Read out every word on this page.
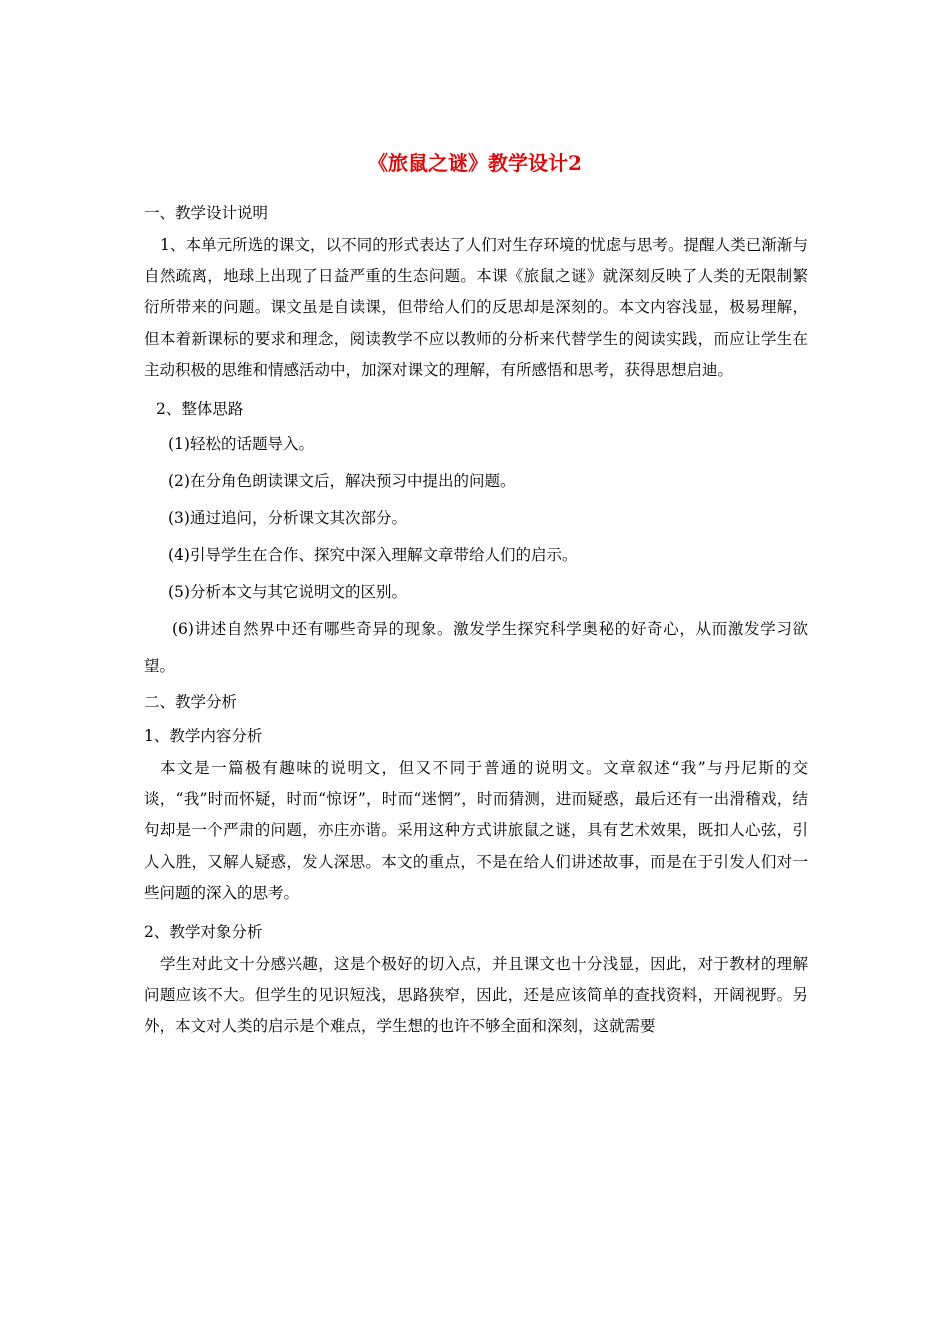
《旅鼠之谜》教学设计2

一、教学设计说明

1、本单元所选的课文，以不同的形式表达了人们对生存环境的忧虑与思考。提醒人类已渐渐与自然疏离，地球上出现了日益严重的生态问题。本课《旅鼠之谜》就深刻反映了人类的无限制繁衍所带来的问题。课文虽是自读课，但带给人们的反思却是深刻的。本文内容浅显，极易理解，但本着新课标的要求和理念，阅读教学不应以教师的分析来代替学生的阅读实践，而应让学生在主动积极的思维和情感活动中，加深对课文的理解，有所感悟和思考，获得思想启迪。

2、整体思路

(1)轻松的话题导入。

(2)在分角色朗读课文后，解决预习中提出的问题。

(3)通过追问，分析课文其次部分。

(4)引导学生在合作、探究中深入理解文章带给人们的启示。

(5)分析本文与其它说明文的区别。

(6)讲述自然界中还有哪些奇异的现象。激发学生探究科学奥秘的好奇心，从而激发学习欲望。

二、教学分析

1、教学内容分析

本文是一篇极有趣味的说明文，但又不同于普通的说明文。文章叙述“我”与丹尼斯的交谈，“我”时而怀疑，时而“惊讶”，时而“迷惘”，时而猜测，进而疑惑，最后还有一出滑稽戏，结句却是一个严肃的问题，亦庄亦谐。采用这种方式讲旅鼠之谜，具有艺术效果，既扣人心弦，引人入胜，又解人疑惑，发人深思。本文的重点，不是在给人们讲述故事，而是在于引发人们对一些问题的深入的思考。

2、教学对象分析

学生对此文十分感兴趣，这是个极好的切入点，并且课文也十分浅显，因此，对于教材的理解问题应该不大。但学生的见识短浅，思路狭窄，因此，还是应该简单的查找资料，开阔视野。另外，本文对人类的启示是个难点，学生想的也许不够全面和深刻，这就需要
